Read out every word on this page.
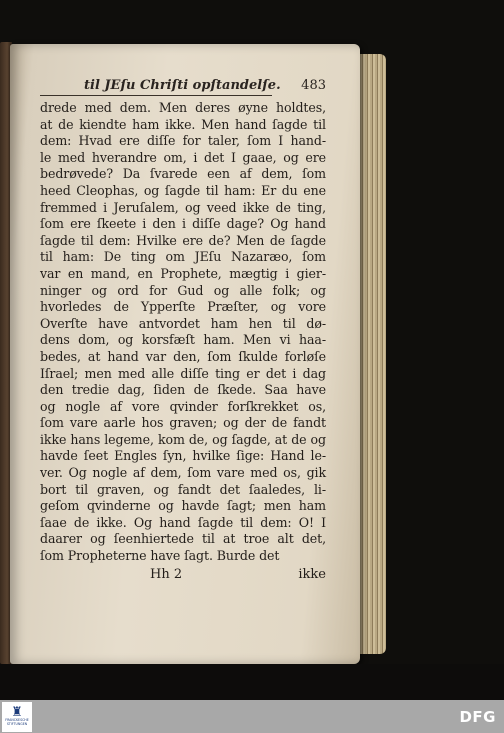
til JEſu Chriſti opſtandelſe. 483
drede med dem. Men deres øyne holdtes,
at de kiendte ham ikke. Men hand ſagde til
dem: Hvad ere diſſe for taler, ſom I hand-
le med hverandre om, i det I gaae, og ere
bedrøvede? Da ſvarede een af dem, ſom
heed Cleophas, og ſagde til ham: Er du ene
fremmed i Jeruſalem, og veed ikke de ting,
ſom ere ſkeete i den i diſſe dage? Og hand
ſagde til dem: Hvilke ere de? Men de ſagde
til ham: De ting om JEſu Nazaræo, ſom
var en mand, en Prophete, mægtig i gier-
ninger og ord for Gud og alle folk; og
hvorledes de Ypperſte Præſter, og vore
Overſte have antvordet ham hen til dø-
dens dom, og korsfæſt ham. Men vi haa-
bedes, at hand var den, ſom ſkulde forløſe
Iſrael; men med alle diſſe ting er det i dag
den tredie dag, ſiden de ſkede. Saa have
og nogle af vore qvinder forſkrekket os,
ſom vare aarle hos graven; og der de fandt
ikke hans legeme, kom de, og ſagde, at de og
havde ſeet Engles ſyn, hvilke ſige: Hand le-
ver. Og nogle af dem, ſom vare med os, gik
bort til graven, og fandt det ſaaledes, li-
geſom qvinderne og havde ſagt; men ham
ſaae de ikke. Og hand ſagde til dem: O! I
daarer og ſeenhiertede til at troe alt det,
ſom Propheterne have ſagt. Burde det
Hh 2	ikke
♜
FRANCKESCHE STIFTUNGEN	DFG
